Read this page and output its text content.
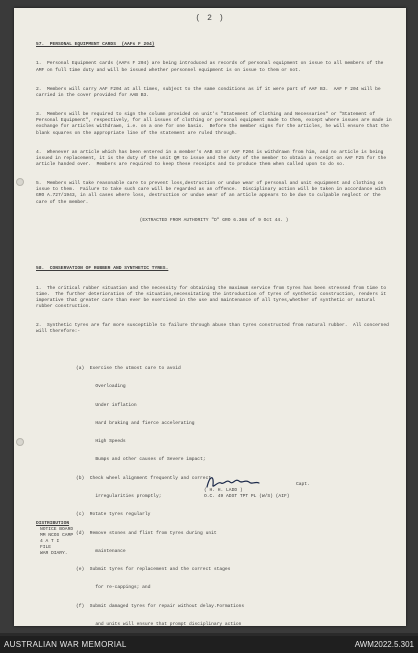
( 2 )

57.  PERSONAL EQUIPMENT CARDS  (AAFs F 204)

1.  Personal Equipment cards (AAFs F 204) are being introduced as records of personal equipment on issue to all members of the AMF on full time duty and will be issued whether personnel equipment is on issue to them or not.

2.  Members will carry AAF F204 at all times, subject to the same conditions as if it were part of AAF B3.  AAF F 204 will be carried in the cover provided for AAB B3.

3.  Members will be required to sign the column provided on unit's "Statement of Clothing and Necessaries" or "Statement of Personal Equipment", respectively, for all issues of clothing or personal equipment made to them, except where issues are made in exchange for articles withdrawn, i.e. on a one for one basis.  Before the member signs for the articles, he will ensure that the blank squares on the appropriate line of the statement are ruled through.

4.  Whenever an article which has been entered in a member's AAB 83 or AAF F204 is withdrawn from him, and no article is being issued in replacement, it is the duty of the unit QM to issue and the duty of the member to obtain a receipt on AAF F25 for the article handed over.  Members are required to keep these receipts and to produce them when called upon to do so.

5.  Members will take reasonable care to prevent loss,destruction or undue wear of personal and unit equipment and clothing on issue to them.  Failure to take such care will be regarded as an offence.  Disciplinary action will be taken in accordance with GRO A.727/1943, in all cases where loss, destruction or undue wear of an article appears to be due to culpable neglect or the care of the member.

(EXTRACTED FROM AUTHORITY "D" GRO 6.368 of 9 Oct 44. )

58.  CONSERVATION OF RUBBER AND SYNTHETIC TYRES.

1.  The critical rubber situation and the necessity for obtaining the maximum service from tyres has been stressed from time to time.  The further deterioration of the situation,necessitating the introduction of tyres of synthetic construction, renders it imperative that greater care than ever be exercised in the use and maintenance of all tyres,whether of synthetic or natural rubber construction.

2.  Synthetic tyres are far more susceptible to failure through abuse than tyres constructed from natural rubber.  All concerned will therefore:-

(a)  Exercise the utmost care to avoid

Overloading

Under inflation

Hard braking and fierce accelerating

High Speeds

Bumps and other causes of Severe impact;

(b)  Check wheel alignment frequently and correct

irregularities promptly;

(c)  Rotate tyres regularly

(d)  Remove stones and flint from tyres during unit

maintenance

(e)  Submit tyres for replacement and the correct stages

for re-cappings; and

(f)  Submit damaged tyres for repair without delay.Formations

and units will ensure that prompt disciplinary action

Capt.
( H. H. LADD )
O.C. 49 ADST TPT PL (W/S) (AIF)
DISTRIBUTION
NOTICE BOARD
MM NCOS CAMP
4 A T I
FILE
WAR DIARY.
AUSTRALIAN WAR MEMORIAL	AWM2022.5.301
